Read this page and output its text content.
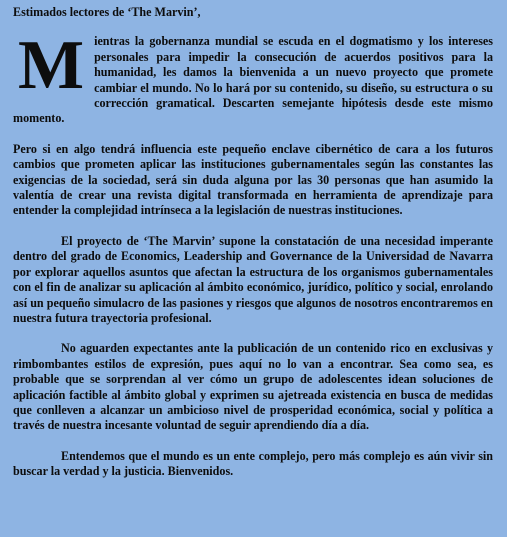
Estimados lectores de ‘The Marvin’,

Mientras la gobernanza mundial se escuda en el dogmatismo y los intereses personales para impedir la consecución de acuerdos positivos para la humanidad, les damos la bienvenida a un nuevo proyecto que promete cambiar el mundo. No lo hará por su contenido, su diseño, su estructura o su corrección gramatical. Descarten semejante hipótesis desde este mismo momento.

Pero si en algo tendrá influencia este pequeño enclave cibernético de cara a los futuros cambios que prometen aplicar las instituciones gubernamentales según las constantes las exigencias de la sociedad, será sin duda alguna por las 30 personas que han asumido la valentía de crear una revista digital transformada en herramienta de aprendizaje para entender la complejidad intrínseca a la legislación de nuestras instituciones.

El proyecto de ‘The Marvin’ supone la constatación de una necesidad imperante dentro del grado de Economics, Leadership and Governance de la Universidad de Navarra por explorar aquellos asuntos que afectan la estructura de los organismos gubernamentales con el fin de analizar su aplicación al ámbito económico, jurídico, político y social, enrolando así un pequeño simulacro de las pasiones y riesgos que algunos de nosotros encontraremos en nuestra futura trayectoria profesional.

No aguarden expectantes ante la publicación de un contenido rico en exclusivas y rimbombantes estilos de expresión, pues aquí no lo van a encontrar. Sea como sea, es probable que se sorprendan al ver cómo un grupo de adolescentes idean soluciones de aplicación factible al ámbito global y exprimen su ajetreada existencia en busca de medidas que conlleven a alcanzar un ambicioso nivel de prosperidad económica, social y política a través de nuestra incesante voluntad de seguir aprendiendo día a día.

Entendemos que el mundo es un ente complejo, pero más complejo es aún vivir sin buscar la verdad y la justicia. Bienvenidos.
